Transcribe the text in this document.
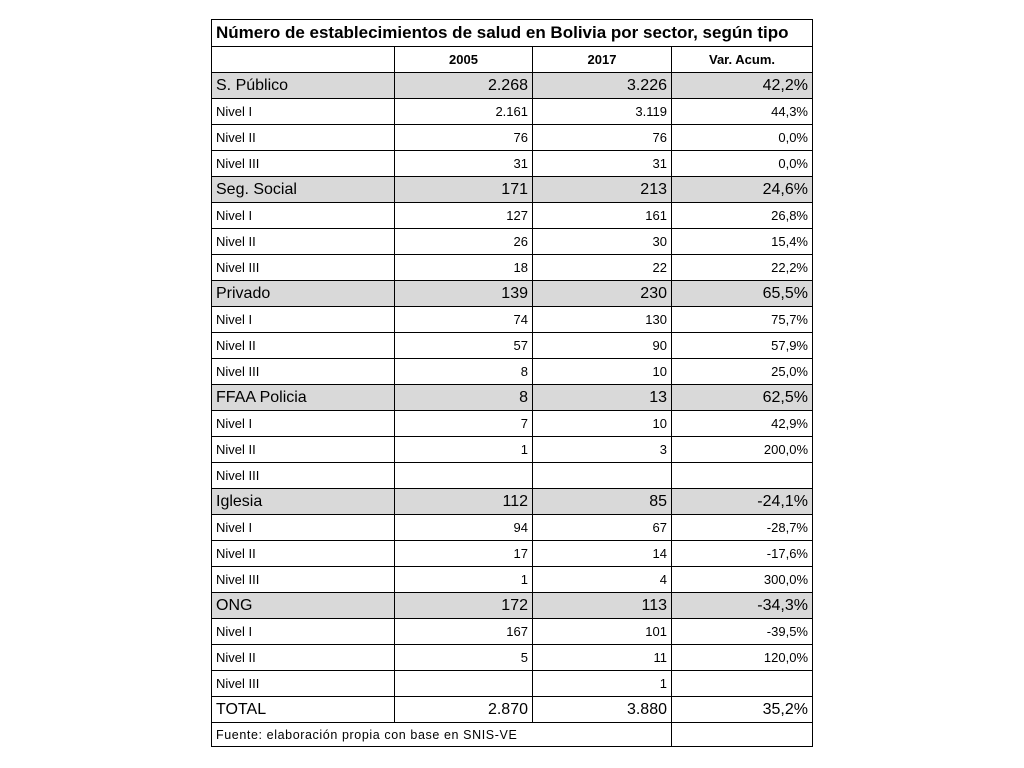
Número de establecimientos de salud en Bolivia por sector, según tipo			
	2005	2017	Var. Acum.
S. Público	2.268	3.226	42,2%
Nivel I	2.161	3.119	44,3%
Nivel II	76	76	0,0%
Nivel III	31	31	0,0%
Seg. Social	171	213	24,6%
Nivel I	127	161	26,8%
Nivel II	26	30	15,4%
Nivel III	18	22	22,2%
Privado	139	230	65,5%
Nivel I	74	130	75,7%
Nivel II	57	90	57,9%
Nivel III	8	10	25,0%
FFAA Policia	8	13	62,5%
Nivel I	7	10	42,9%
Nivel II	1	3	200,0%
Nivel III			
Iglesia	112	85	-24,1%
Nivel I	94	67	-28,7%
Nivel II	17	14	-17,6%
Nivel III	1	4	300,0%
ONG	172	113	-34,3%
Nivel I	167	101	-39,5%
Nivel II	5	11	120,0%
Nivel III		1	
TOTAL	2.870	3.880	35,2%
Fuente: elaboración propia con base en SNIS-VE			
